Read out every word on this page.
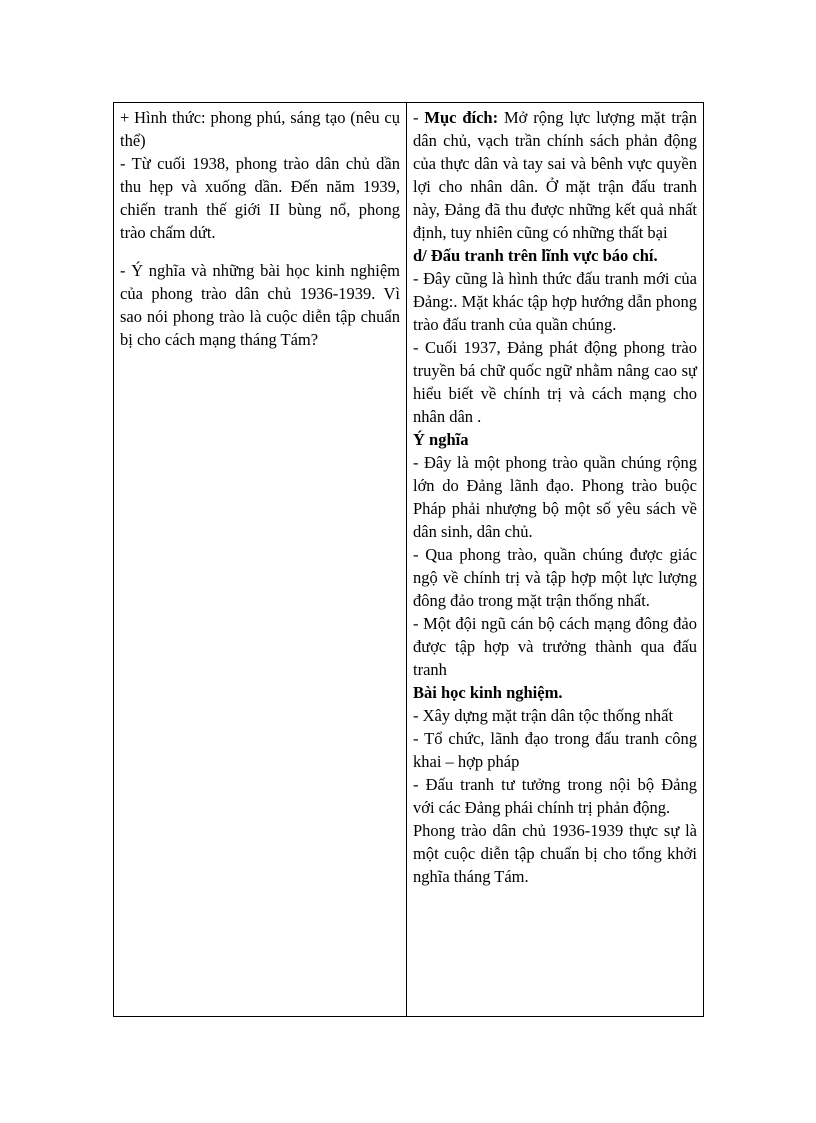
+ Hình thức: phong phú, sáng tạo (nêu cụ thể)

- Từ cuối 1938, phong trào dân chủ dần thu hẹp và xuống dần. Đến năm 1939, chiến tranh thế giới II bùng nổ, phong trào chấm dứt.

- Ý nghĩa và những bài học kinh nghiệm của phong trào dân chủ 1936-1939. Vì sao nói phong trào là cuộc diễn tập chuẩn bị cho cách mạng tháng Tám?

- Mục đích: Mở rộng lực lượng mặt trận dân chủ, vạch trần chính sách phản động của thực dân và tay sai và bênh vực quyền lợi cho nhân dân. Ở mặt trận đấu tranh này, Đảng đã thu được những kết quả nhất định, tuy nhiên cũng có những thất bại

d/ Đấu tranh trên lĩnh vực báo chí.

- Đây cũng là hình thức đấu tranh mới của Đảng:. Mặt khác tập hợp hướng dẫn phong trào đấu tranh của quần chúng.

- Cuối 1937, Đảng phát động phong trào truyền bá chữ quốc ngữ nhằm nâng cao sự hiểu biết về chính trị và cách mạng cho nhân dân .

Ý nghĩa

- Đây là một phong trào quần chúng rộng lớn do Đảng lãnh đạo. Phong trào buộc Pháp phải nhượng bộ một số yêu sách về dân sinh, dân chủ.

- Qua phong trào, quần chúng được giác ngộ về chính trị và tập hợp một lực lượng đông đảo trong mặt trận thống nhất.

- Một đội ngũ cán bộ cách mạng đông đảo được tập hợp và trưởng thành qua đấu tranh

Bài học kinh nghiệm.

- Xây dựng mặt trận dân tộc thống nhất

- Tổ chức, lãnh đạo trong đấu tranh công khai – hợp pháp

- Đấu tranh tư tưởng trong nội bộ Đảng với các Đảng phái chính trị phản động.

Phong trào dân chủ 1936-1939 thực sự là một cuộc diễn tập chuẩn bị cho tổng khởi nghĩa tháng Tám.
